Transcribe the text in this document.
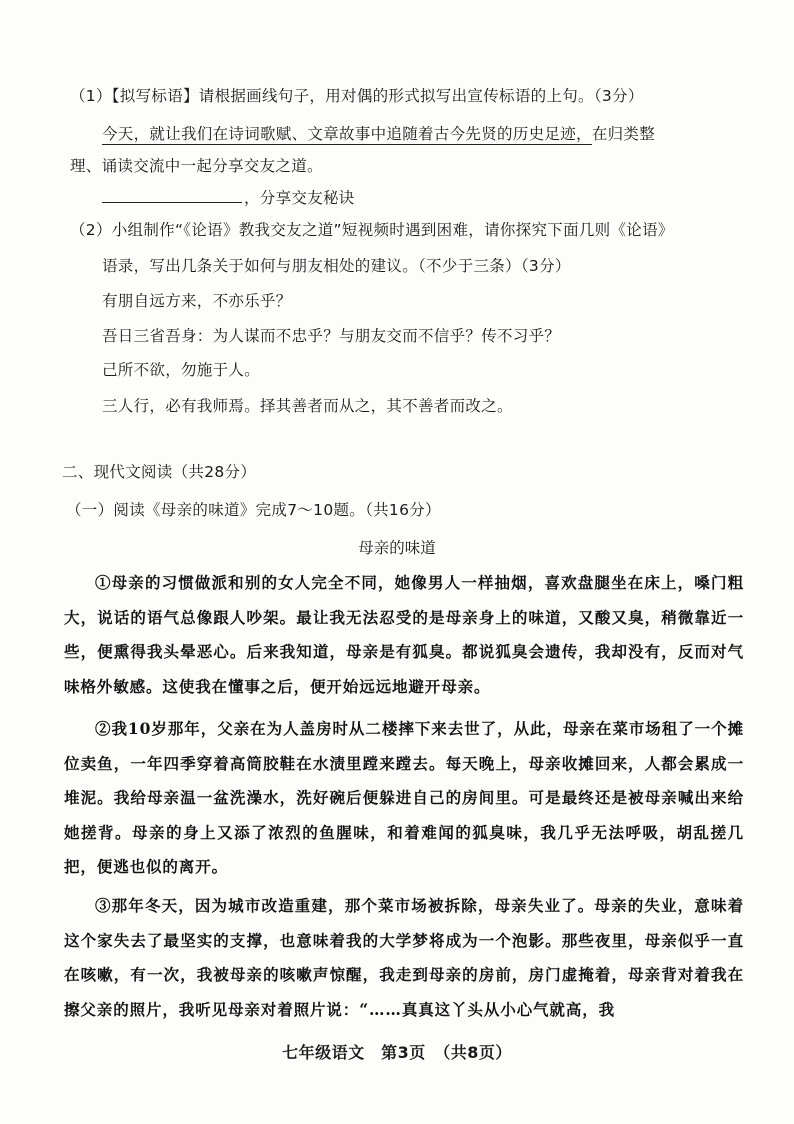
（1）【拟写标语】请根据画线句子，用对偶的形式拟写出宣传标语的上句。（3分）
今天，就让我们在诗词歌赋、文章故事中追随着古今先贤的历史足迹，在归类整
理、诵读交流中一起分享交友之道。
，分享交友秘诀
（2）小组制作“《论语》教我交友之道”短视频时遇到困难，请你探究下面几则《论语》
语录，写出几条关于如何与朋友相处的建议。（不少于三条）（3分）
有朋自远方来，不亦乐乎？
吾日三省吾身：为人谋而不忠乎？与朋友交而不信乎？传不习乎？
己所不欲，勿施于人。
三人行，必有我师焉。择其善者而从之，其不善者而改之。
二、现代文阅读（共28分）
（一）阅读《母亲的味道》完成7～10题。（共16分）
母亲的味道
①母亲的习惯做派和别的女人完全不同，她像男人一样抽烟，喜欢盘腿坐在床上，嗓门粗大，说话的语气总像跟人吵架。最让我无法忍受的是母亲身上的味道，又酸又臭，稍微靠近一些，便熏得我头晕恶心。后来我知道，母亲是有狐臭。都说狐臭会遗传，我却没有，反而对气味格外敏感。这使我在懂事之后，便开始远远地避开母亲。
②我10岁那年，父亲在为人盖房时从二楼摔下来去世了，从此，母亲在菜市场租了一个摊位卖鱼，一年四季穿着高筒胶鞋在水渍里蹚来蹚去。每天晚上，母亲收摊回来，人都会累成一堆泥。我给母亲温一盆洗澡水，洗好碗后便躲进自己的房间里。可是最终还是被母亲喊出来给她搓背。母亲的身上又添了浓烈的鱼腥味，和着难闻的狐臭味，我几乎无法呼吸，胡乱搓几把，便逃也似的离开。
③那年冬天，因为城市改造重建，那个菜市场被拆除，母亲失业了。母亲的失业，意味着这个家失去了最坚实的支撑，也意味着我的大学梦将成为一个泡影。那些夜里，母亲似乎一直在咳嗽，有一次，我被母亲的咳嗽声惊醒，我走到母亲的房前，房门虚掩着，母亲背对着我在擦父亲的照片，我听见母亲对着照片说：“……真真这丫头从小心气就高，我
七年级语文　第3页　（共8页）
